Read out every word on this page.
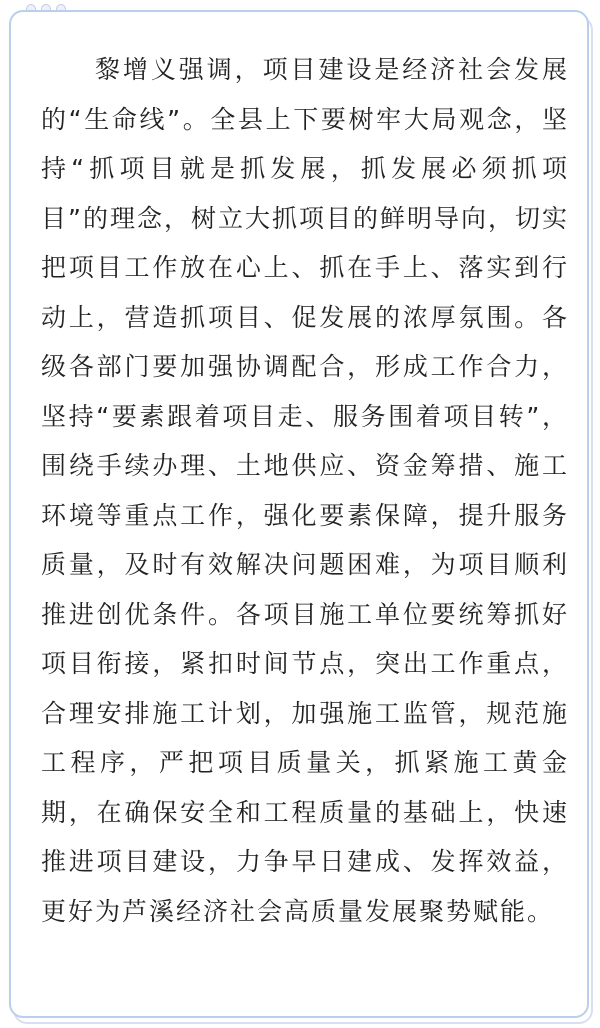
黎增义强调，项目建设是经济社会发展的“生命线”。全县上下要树牢大局观念，坚持“抓项目就是抓发展，抓发展必须抓项目”的理念，树立大抓项目的鲜明导向，切实把项目工作放在心上、抓在手上、落实到行动上，营造抓项目、促发展的浓厚氛围。各级各部门要加强协调配合，形成工作合力，坚持“要素跟着项目走、服务围着项目转”，围绕手续办理、土地供应、资金筹措、施工环境等重点工作，强化要素保障，提升服务质量，及时有效解决问题困难，为项目顺利推进创优条件。各项目施工单位要统筹抓好项目衔接，紧扣时间节点，突出工作重点，合理安排施工计划，加强施工监管，规范施工程序，严把项目质量关，抓紧施工黄金期，在确保安全和工程质量的基础上，快速推进项目建设，力争早日建成、发挥效益，更好为芦溪经济社会高质量发展聚势赋能。
